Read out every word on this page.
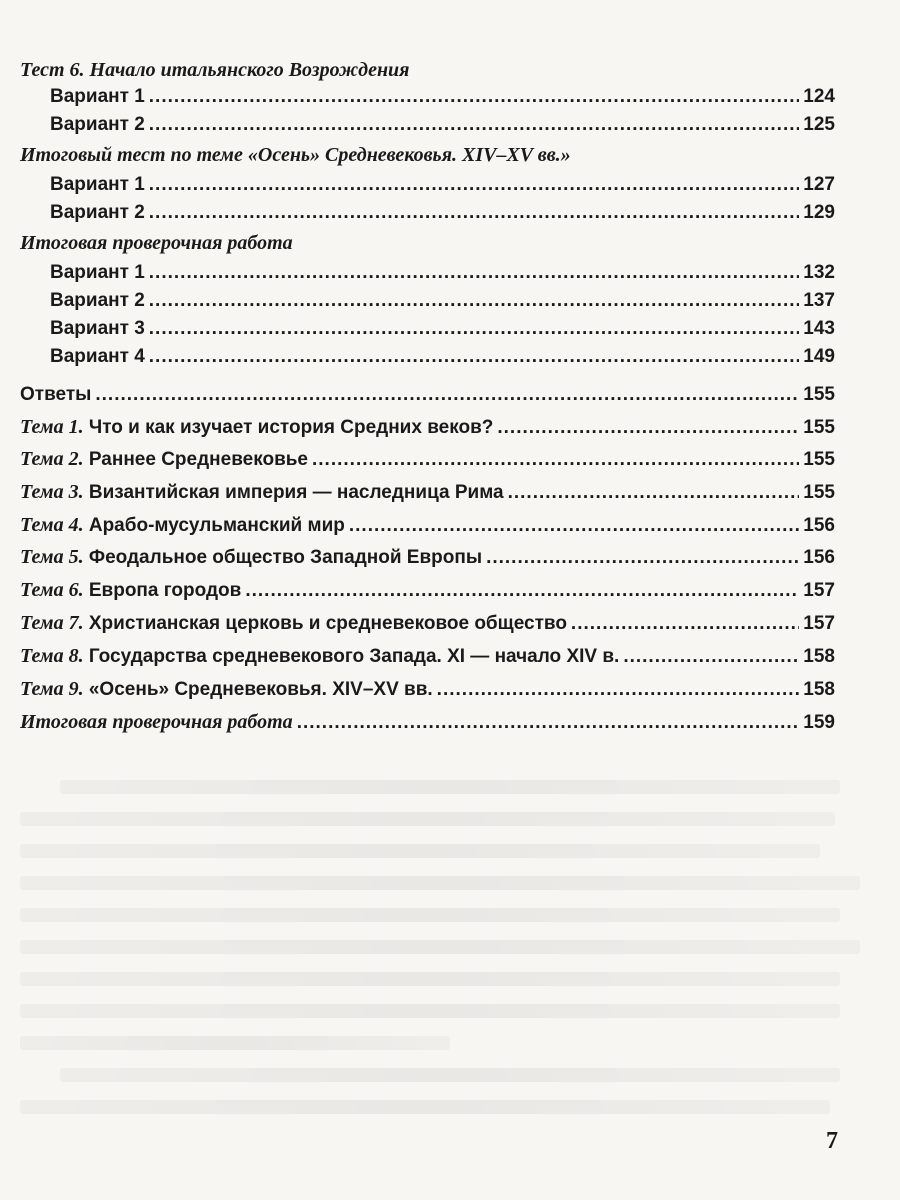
Тест 6. Начало итальянского Возрождения
Вариант 1 .....	124
Вариант 2 .....	125
Итоговый тест по теме «Осень» Средневековья. XIV–XV вв.»
Вариант 1 .....	127
Вариант 2 .....	129
Итоговая проверочная работа
Вариант 1 .....	132
Вариант 2 .....	137
Вариант 3 .....	143
Вариант 4 .....	149
Ответы .....	155
Тема 1. Что и как изучает история Средних веков? .....	155
Тема 2. Раннее Средневековье .....	155
Тема 3. Византийская империя — наследница Рима .....	155
Тема 4. Арабо-мусульманский мир .....	156
Тема 5. Феодальное общество Западной Европы .....	156
Тема 6. Европа городов .....	157
Тема 7. Христианская церковь и средневековое общество .....	157
Тема 8. Государства средневекового Запада. XI — начало XIV в. .....	158
Тема 9. «Осень» Средневековья. XIV–XV вв. .....	158
Итоговая проверочная работа .....	159
7
